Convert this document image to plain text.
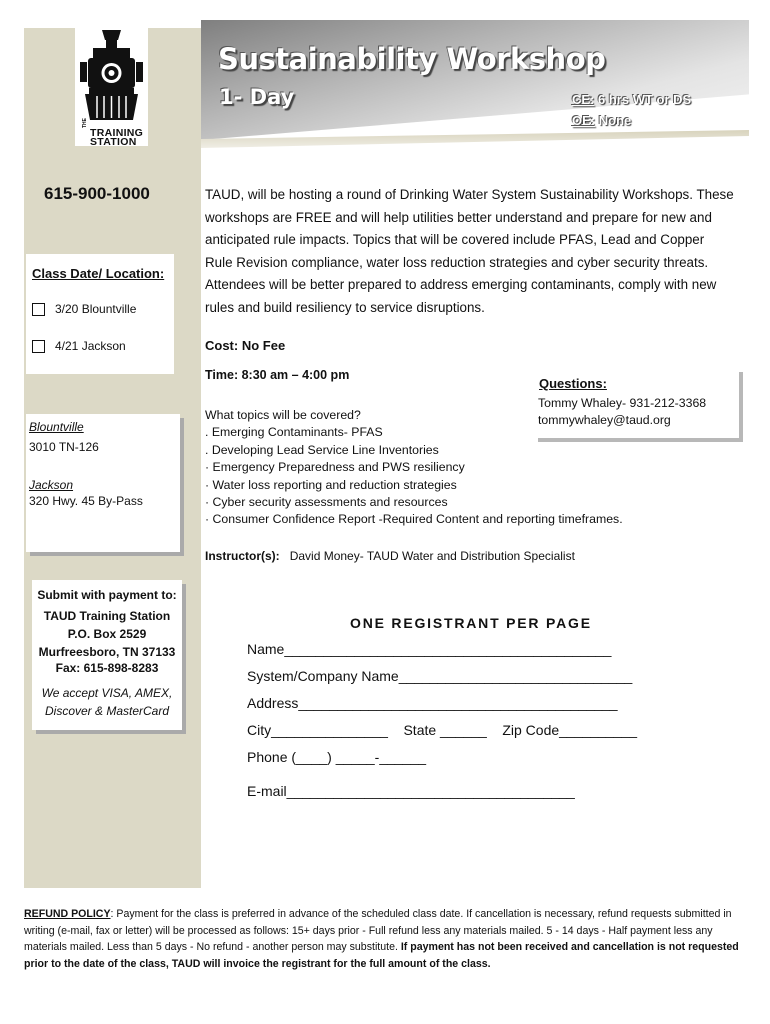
THE
TRAINING
STATION
Sustainability Workshop
1- Day	CE: 6 hrs WT or DS
OE: None
615-900-1000
Class Date/ Location:
3/20 Blountville
4/21 Jackson
Blountville
3010 TN-126
Jackson
320 Hwy. 45 By-Pass
Submit with payment to:
TAUD Training Station
P.O. Box 2529
Murfreesboro, TN 37133
Fax: 615-898-8283
We accept VISA, AMEX,
Discover & MasterCard

TAUD, will be hosting a round of Drinking Water System Sustainability Workshops. These workshops are FREE and will help utilities better understand and prepare for new and anticipated rule impacts. Topics that will be covered include PFAS, Lead and Copper Rule Revision compliance, water loss reduction strategies and cyber security threats. Attendees will be better prepared to address emerging contaminants, comply with new rules and build resiliency to service disruptions.

Cost: No Fee
Time: 8:30 am – 4:00 pm
Questions:
Tommy Whaley- 931-212-3368
tommywhaley@taud.org
What topics will be covered?
. Emerging Contaminants- PFAS
. Developing Lead Service Line Inventories
· Emergency Preparedness and PWS resiliency
· Water loss reporting and reduction strategies
· Cyber security assessments and resources
· Consumer Confidence Report -Required Content and reporting timeframes.
Instructor(s): David Money- TAUD Water and Distribution Specialist
ONE REGISTRANT PER PAGE
Name__________________________________________
System/Company Name______________________________
Address_________________________________________
City_______________ State ______ Zip Code__________
Phone (____) _____-______
E-mail_____________________________________

REFUND POLICY: Payment for the class is preferred in advance of the scheduled class date. If cancellation is necessary, refund requests submitted in writing (e-mail, fax or letter) will be processed as follows: 15+ days prior - Full refund less any materials mailed. 5 - 14 days - Half payment less any materials mailed. Less than 5 days - No refund - another person may substitute. If payment has not been received and cancellation is not requested prior to the date of the class, TAUD will invoice the registrant for the full amount of the class.
